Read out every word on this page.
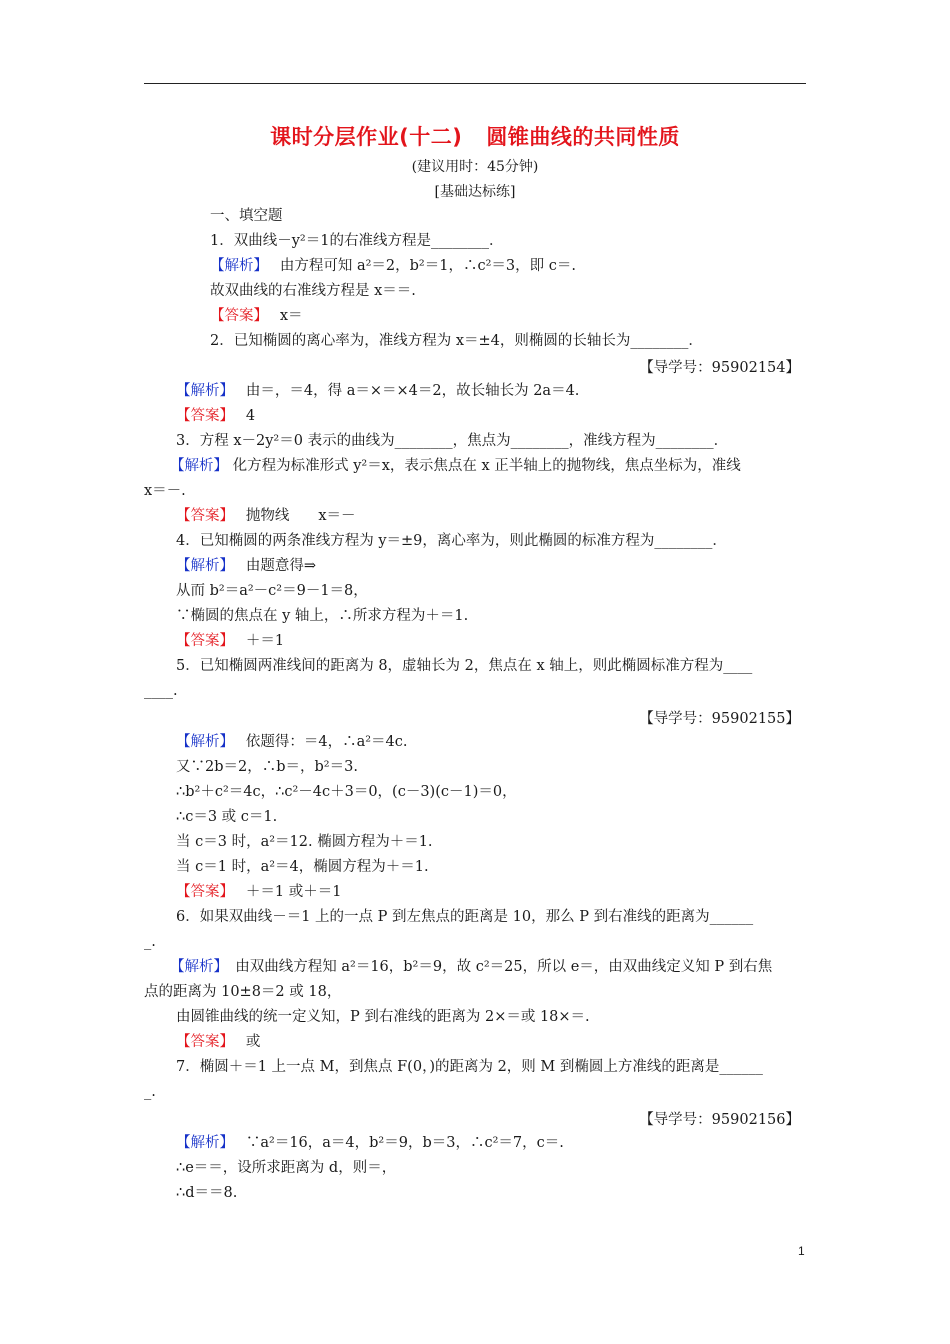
课时分层作业(十二) 圆锥曲线的共同性质
(建议用时：45分钟)
[基础达标练]
一、填空题
1．双曲线－y²＝1的右准线方程是________．
【解析】　 由方程可知 a²＝2，b²＝1，∴c²＝3，即 c＝.
故双曲线的右准线方程是 x＝＝.
【答案】　 x＝
2．已知椭圆的离心率为，准线方程为 x＝±4，则椭圆的长轴长为________．
【导学号：95902154】
【解析】　 由＝，＝4，得 a＝×＝×4＝2，故长轴长为 2a＝4.
【答案】　 4
3．方程 x－2y²＝0 表示的曲线为________，焦点为________，准线方程为________．
【解析】 化方程为标准形式 y²＝x，表示焦点在 x 正半轴上的抛物线，焦点坐标为，准线
x＝－.
【答案】　 抛物线　　x＝－
4．已知椭圆的两条准线方程为 y＝±9，离心率为，则此椭圆的标准方程为________．
【解析】　 由题意得⇒
从而 b²＝a²－c²＝9－1＝8，
∵椭圆的焦点在 y 轴上，∴所求方程为＋＝1.
【答案】　 ＋＝1
5．已知椭圆两准线间的距离为 8，虚轴长为 2，焦点在 x 轴上，则此椭圆标准方程为____
____.
【导学号：95902155】
【解析】　 依题得：＝4，∴a²＝4c.
又∵2b＝2，∴b＝，b²＝3.
∴b²＋c²＝4c，∴c²－4c＋3＝0，(c－3)(c－1)＝0，
∴c＝3 或 c＝1.
当 c＝3 时，a²＝12. 椭圆方程为＋＝1.
当 c＝1 时，a²＝4，椭圆方程为＋＝1.
【答案】　 ＋＝1 或＋＝1
6．如果双曲线－＝1 上的一点 P 到左焦点的距离是 10，那么 P 到右准线的距离为______
_.
【解析】　 由双曲线方程知 a²＝16，b²＝9，故 c²＝25，所以 e＝，由双曲线定义知 P 到右焦
点的距离为 10±8＝2 或 18，
由圆锥曲线的统一定义知，P 到右准线的距离为 2×＝或 18×＝.
【答案】　 或
7．椭圆＋＝1 上一点 M，到焦点 F(0，)的距离为 2，则 M 到椭圆上方准线的距离是______
_.
【导学号：95902156】
【解析】　 ∵a²＝16，a＝4，b²＝9，b＝3，∴c²＝7，c＝.
∴e＝＝，设所求距离为 d，则＝，
∴d＝＝8.
1
